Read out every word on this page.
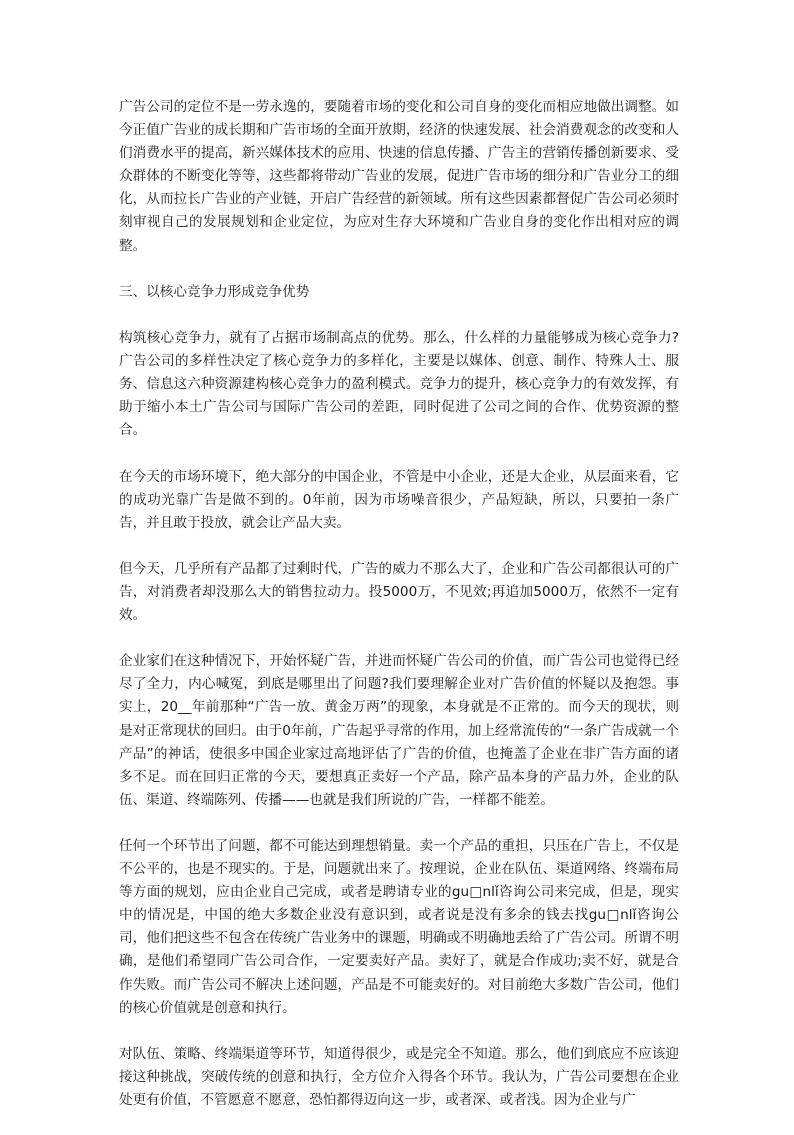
广告公司的定位不是一劳永逸的，要随着市场的变化和公司自身的变化而相应地做出调整。如今正值广告业的成长期和广告市场的全面开放期，经济的快速发展、社会消费观念的改变和人们消费水平的提高，新兴媒体技术的应用、快速的信息传播、广告主的营销传播创新要求、受众群体的不断变化等等，这些都将带动广告业的发展，促进广告市场的细分和广告业分工的细化，从而拉长广告业的产业链，开启广告经营的新领域。所有这些因素都督促广告公司必须时刻审视自己的发展规划和企业定位，为应对生存大环境和广告业自身的变化作出相对应的调整。

三、以核心竞争力形成竞争优势

构筑核心竞争力，就有了占据市场制高点的优势。那么，什么样的力量能够成为核心竞争力?广告公司的多样性决定了核心竞争力的多样化，主要是以媒体、创意、制作、特殊人士、服务、信息这六种资源建构核心竞争力的盈利模式。竞争力的提升，核心竞争力的有效发挥，有助于缩小本土广告公司与国际广告公司的差距，同时促进了公司之间的合作、优势资源的整合。

在今天的市场环境下，绝大部分的中国企业，不管是中小企业，还是大企业，从层面来看，它的成功光靠广告是做不到的。0年前，因为市场噪音很少，产品短缺，所以，只要拍一条广告，并且敢于投放，就会让产品大卖。

但今天，几乎所有产品都了过剩时代，广告的威力不那么大了，企业和广告公司都很认可的广告，对消费者却没那么大的销售拉动力。投5000万，不见效;再追加5000万，依然不一定有效。

企业家们在这种情况下，开始怀疑广告，并进而怀疑广告公司的价值，而广告公司也觉得已经尽了全力，内心喊冤，到底是哪里出了问题?我们要理解企业对广告价值的怀疑以及抱怨。事实上，20__年前那种“广告一放、黄金万两”的现象，本身就是不正常的。而今天的现状，则是对正常现状的回归。由于0年前，广告起乎寻常的作用，加上经常流传的“一条广告成就一个产品”的神话，使很多中国企业家过高地评估了广告的价值，也掩盖了企业在非广告方面的诸多不足。而在回归正常的今天，要想真正卖好一个产品，除产品本身的产品力外，企业的队伍、渠道、终端陈列、传播——也就是我们所说的广告，一样都不能差。

任何一个环节出了问题，都不可能达到理想销量。卖一个产品的重担，只压在广告上，不仅是不公平的，也是不现实的。于是，问题就出来了。按理说，企业在队伍、渠道网络、终端布局等方面的规划，应由企业自己完成，或者是聘请专业的gu□nlǐ咨询公司来完成，但是，现实中的情况是，中国的绝大多数企业没有意识到，或者说是没有多余的钱去找gu□nlǐ咨询公司，他们把这些不包含在传统广告业务中的课题，明确或不明确地丢给了广告公司。所谓不明确，是他们希望同广告公司合作，一定要卖好产品。卖好了，就是合作成功;卖不好，就是合作失败。而广告公司不解决上述问题，产品是不可能卖好的。对目前绝大多数广告公司，他们的核心价值就是创意和执行。

对队伍、策略、终端渠道等环节，知道得很少，或是完全不知道。那么，他们到底应不应该迎接这种挑战，突破传统的创意和执行，全方位介入得各个环节。我认为，广告公司要想在企业处更有价值，不管愿意不愿意，恐怕都得迈向这一步，或者深、或者浅。因为企业与广
